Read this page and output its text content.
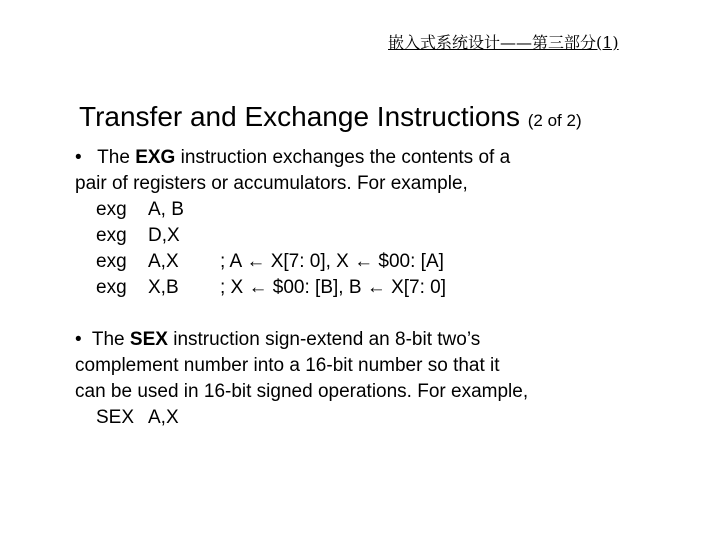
嵌入式系统设计——第三部分(1)
Transfer and Exchange Instructions (2 of 2)
• The EXG instruction exchanges the contents of a
pair of registers or accumulators. For example,
exg A, B
exg D,X
exg A,X ; A ← X[7: 0], X ← $00: [A]
exg X,B ; X ← $00: [B], B ← X[7: 0]
• The SEX instruction sign-extend an 8-bit two’s
complement number into a 16-bit number so that it
can be used in 16-bit signed operations. For example,
SEX A,X
